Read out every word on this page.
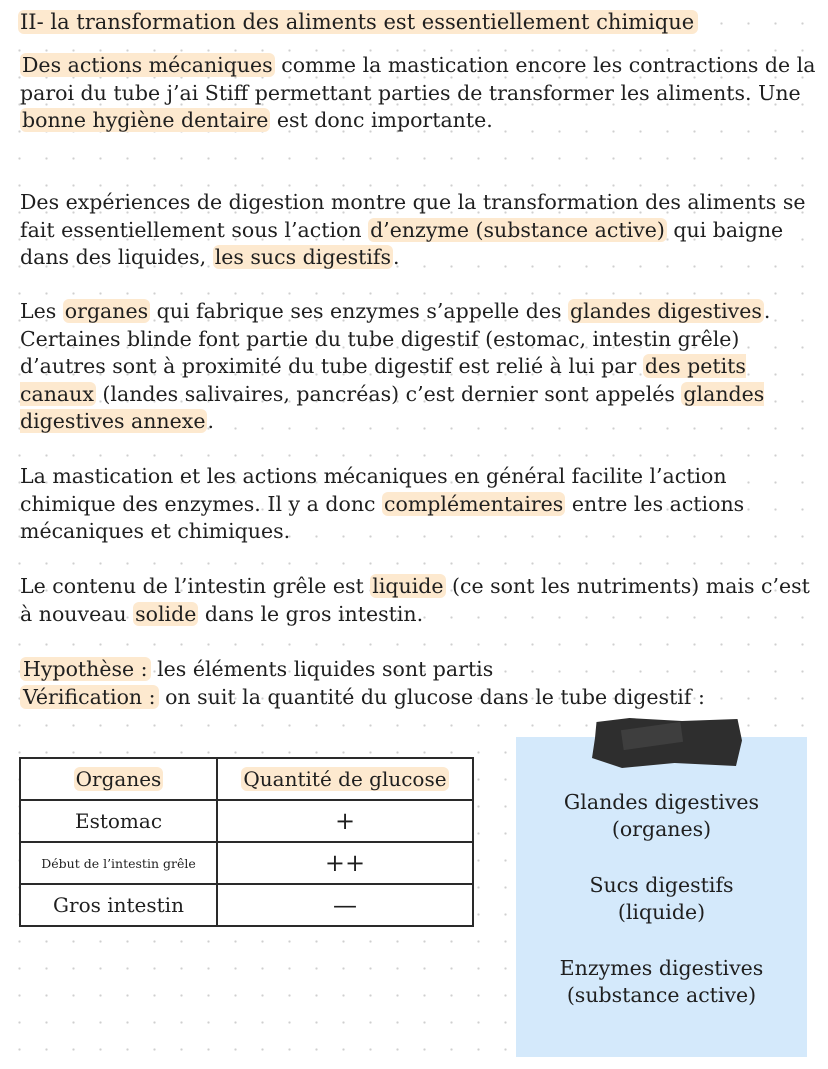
II- la transformation des aliments est essentiellement chimique
Des actions mécaniques comme la mastication encore les contractions de la paroi du tube j’ai Stiff permettant parties de transformer les aliments. Une bonne hygiène dentaire est donc importante.
Des expériences de digestion montre que la transformation des aliments se fait essentiellement sous l’action d’enzyme (substance active) qui baigne dans des liquides, les sucs digestifs.
Les organes qui fabrique ses enzymes s’appelle des glandes digestives. Certaines blinde font partie du tube digestif (estomac, intestin grêle) d’autres sont à proximité du tube digestif est relié à lui par des petits canaux (landes salivaires, pancréas) c’est dernier sont appelés glandes digestives annexe.
La mastication et les actions mécaniques en général facilite l’action chimique des enzymes. Il y a donc complémentaires entre les actions mécaniques et chimiques.
Le contenu de l’intestin grêle est liquide (ce sont les nutriments) mais c’est à nouveau solide dans le gros intestin.
Hypothèse : les éléments liquides sont partis
Vérification : on suit la quantité du glucose dans le tube digestif :
Organes	Quantité de glucose
Estomac	+
Début de l’intestin grêle	++
Gros intestin	—
Glandes digestives
(organes)
Sucs digestifs
(liquide)
Enzymes digestives
(substance active)
